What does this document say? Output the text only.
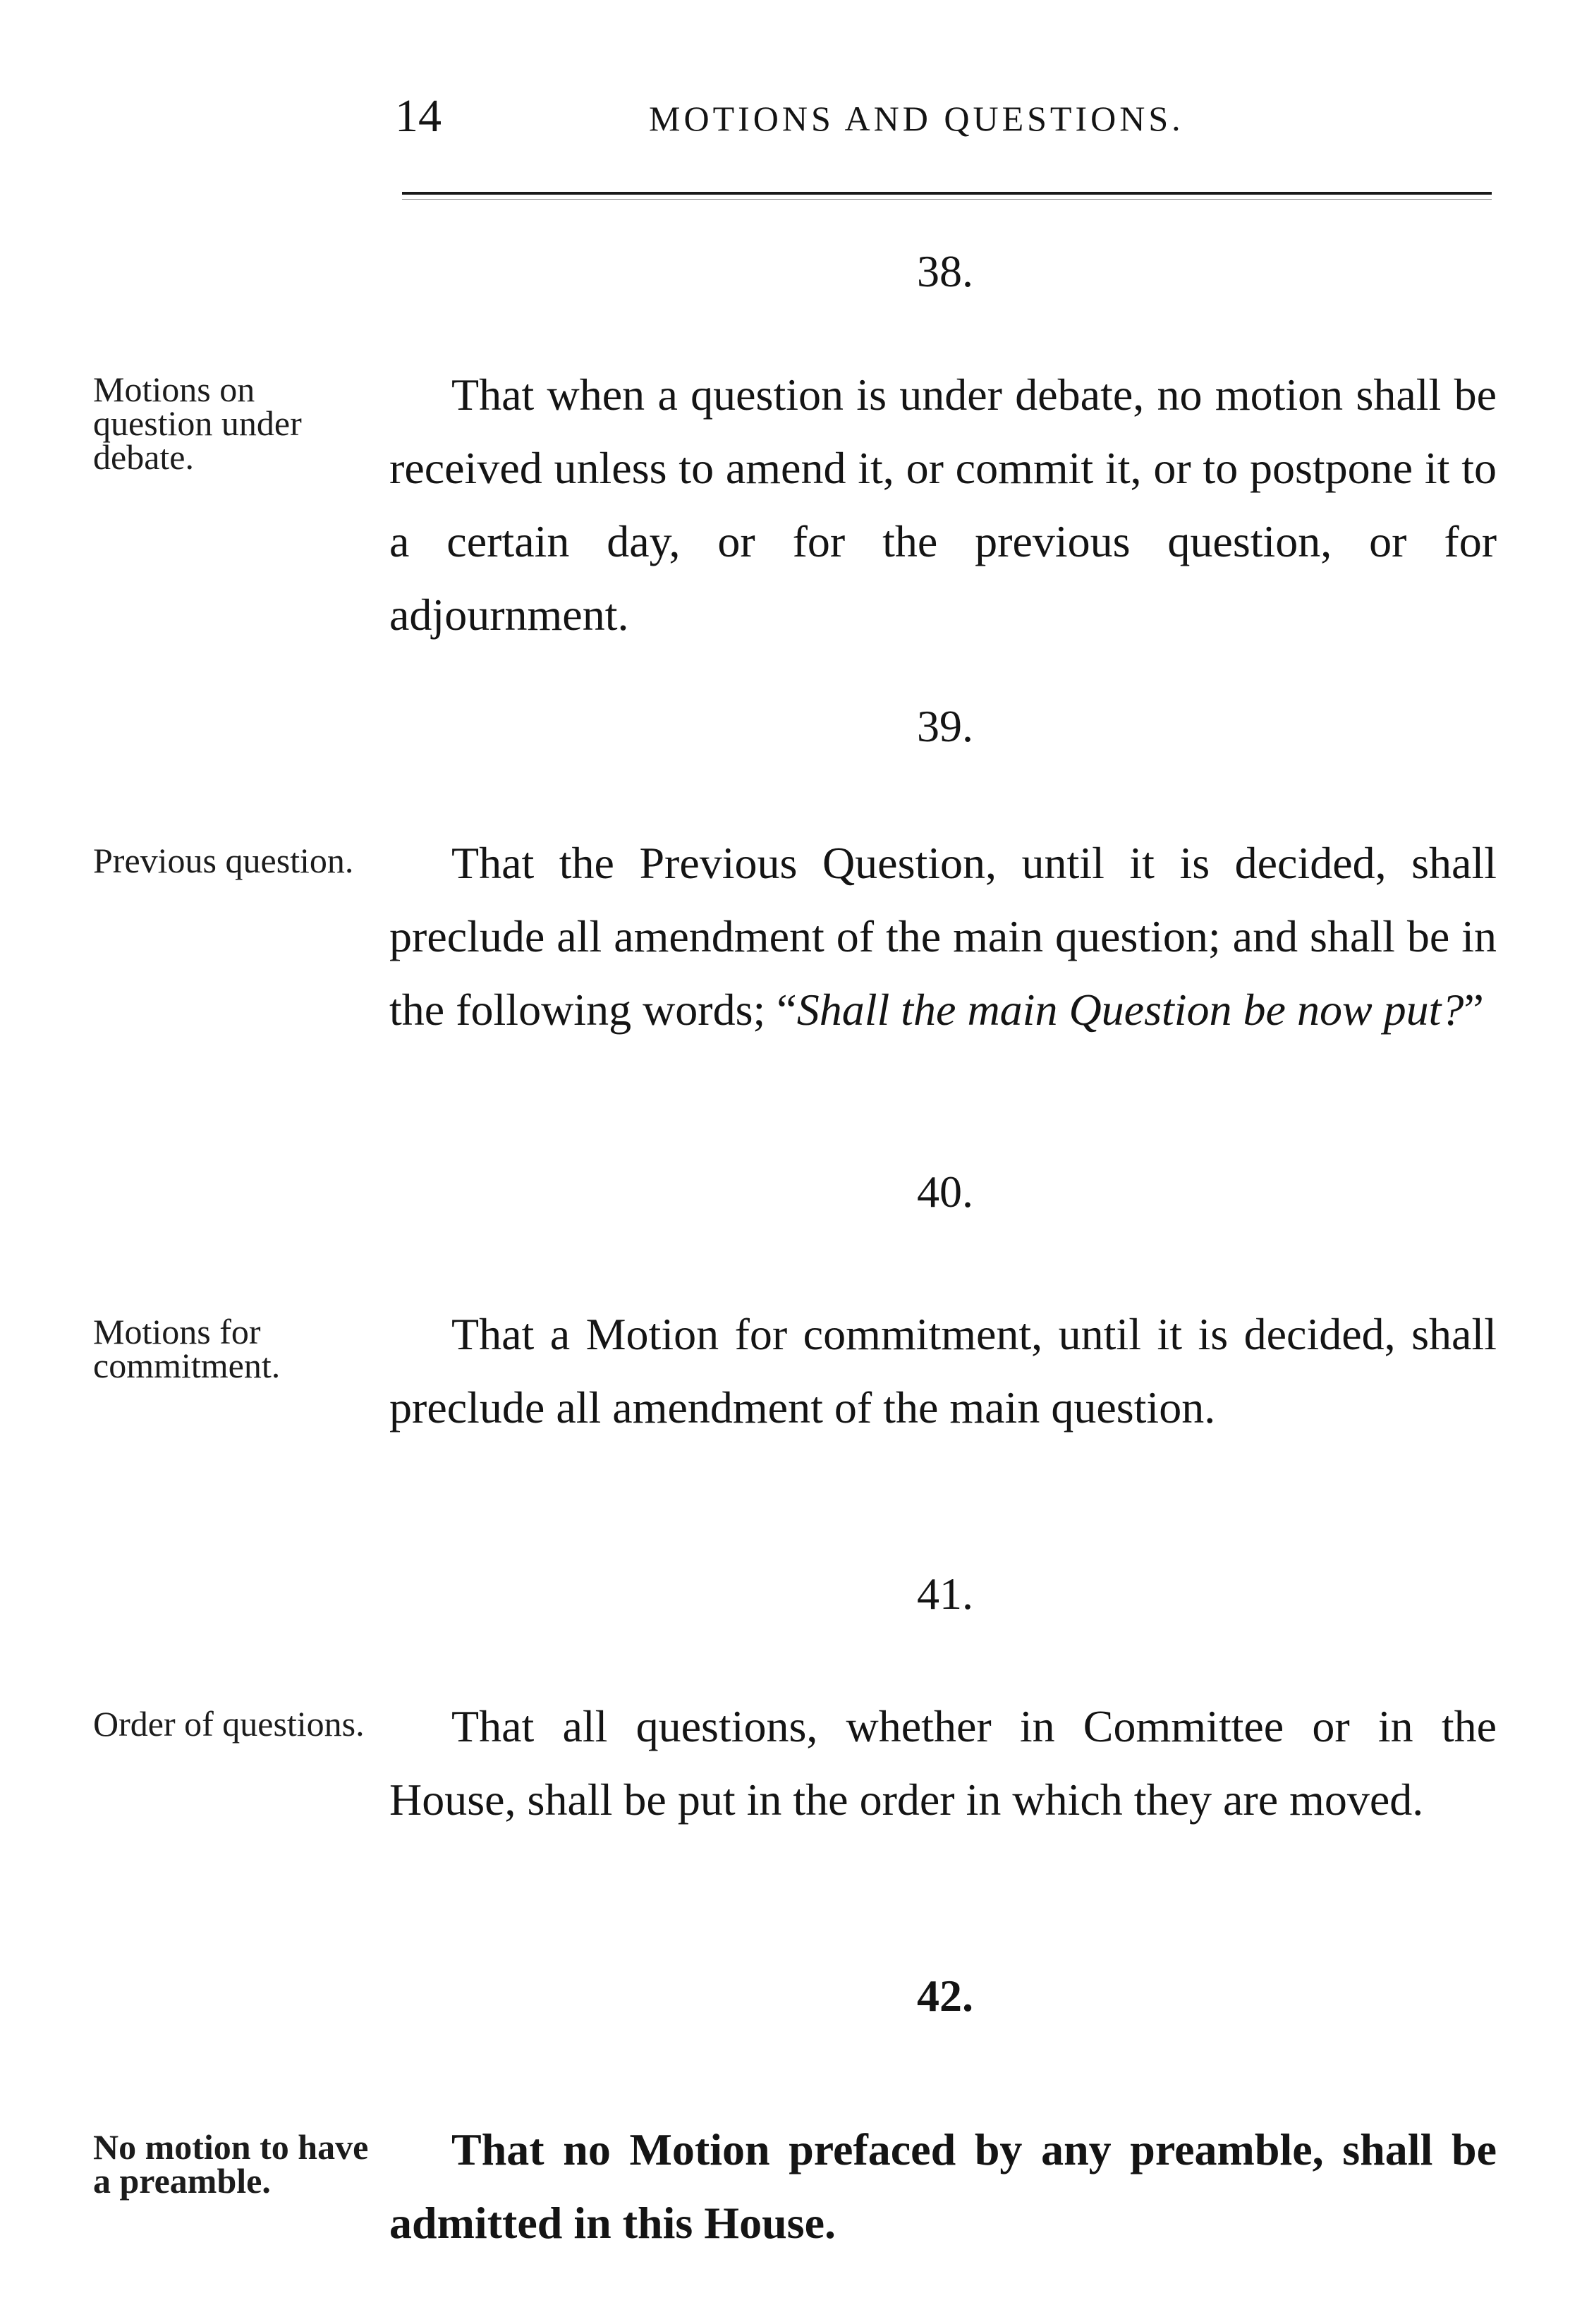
14	MOTIONS AND QUESTIONS.
38.
Motions on question under debate.

That when a question is under debate, no motion shall be received unless to amend it, or commit it, or to postpone it to a certain day, or for the previous question, or for adjournment.

39.
Previous question.	That the Previous Question, until it is decided, shall preclude all amendment of the main question; and shall be in the following words; “Shall the main Question be now put?”

40.
Motions for commitment.

That a Motion for commitment, until it is decided, shall preclude all amendment of the main question.

41.
Order of questions.	That all questions, whether in Committee or in the House, shall be put in the order in which they are moved.

42.
No motion to have a preamble.

That no Motion prefaced by any preamble, shall be admitted in this House.
